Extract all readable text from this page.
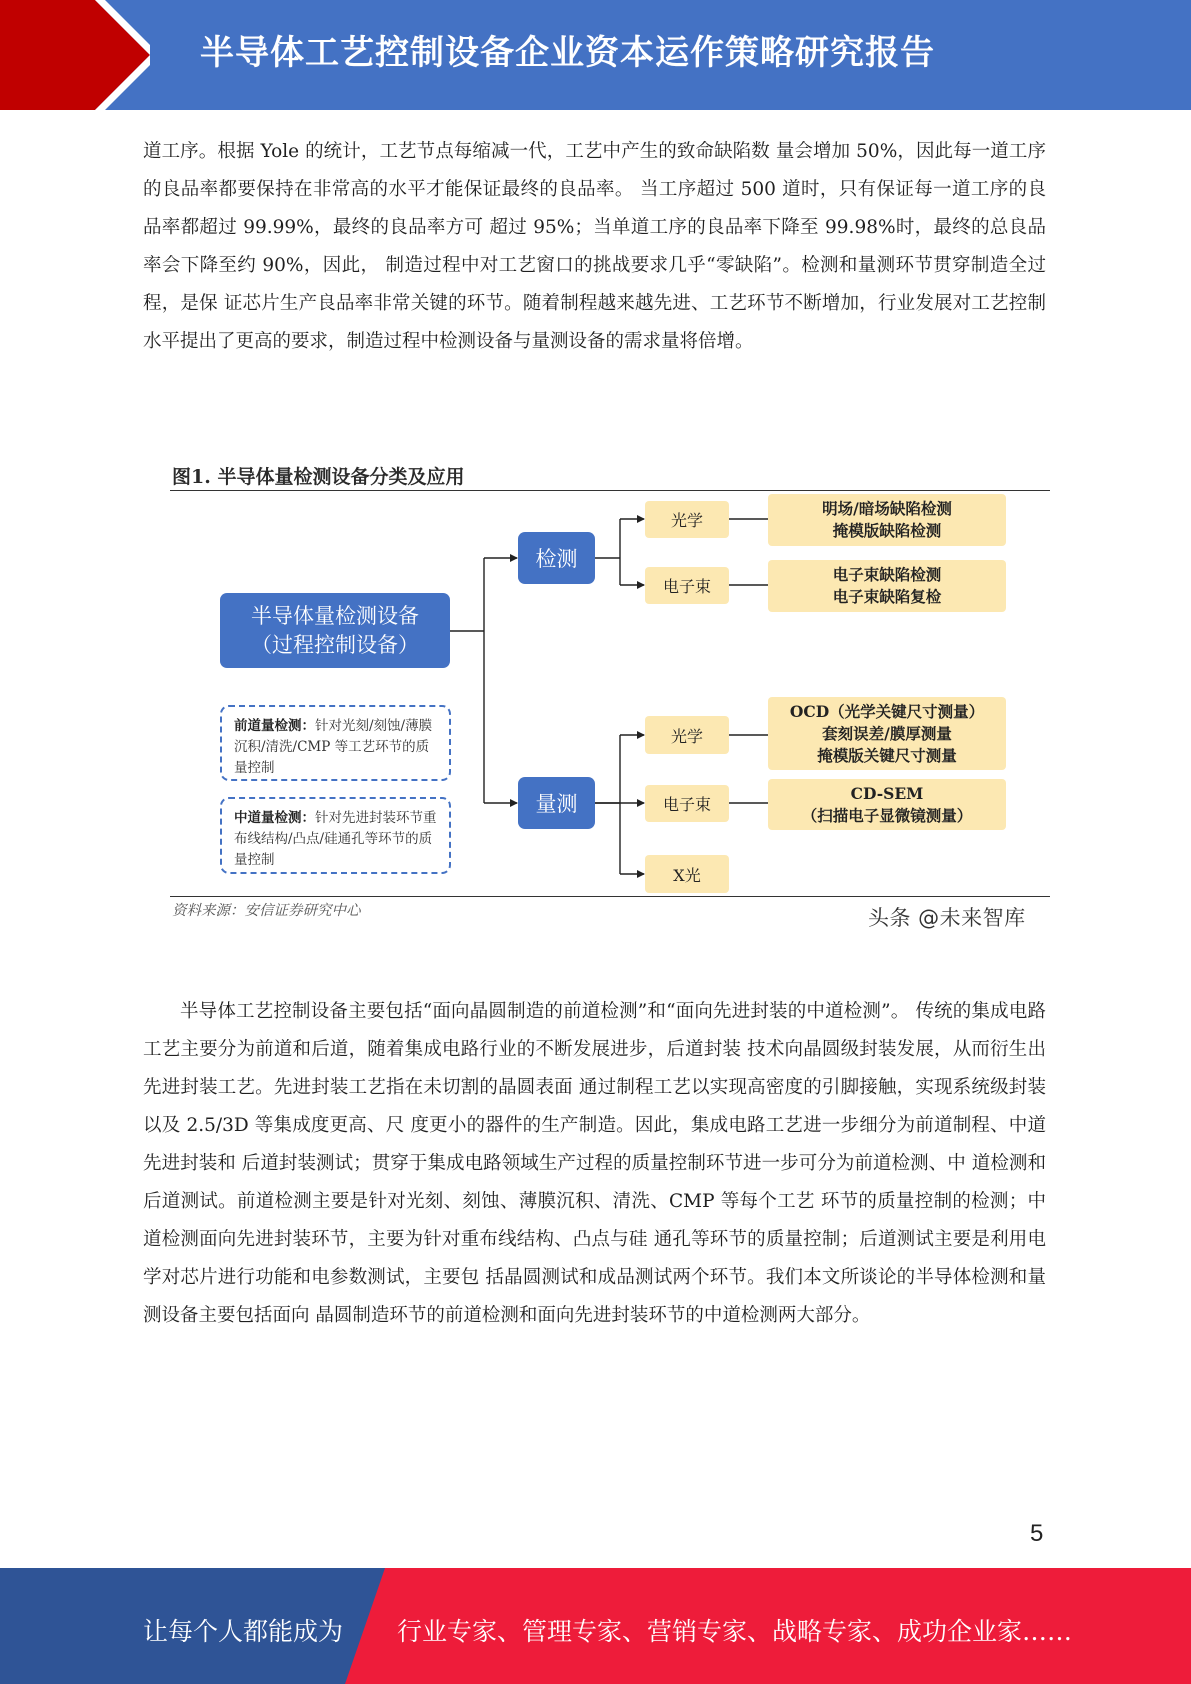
半导体工艺控制设备企业资本运作策略研究报告

道工序。根据 Yole 的统计，工艺节点每缩减一代，工艺中产生的致命缺陷数 量会增加 50%，因此每一道工序的良品率都要保持在非常高的水平才能保证最终的良品率。 当工序超过 500 道时，只有保证每一道工序的良品率都超过 99.99%，最终的良品率方可 超过 95%；当单道工序的良品率下降至 99.98%时，最终的总良品率会下降至约 90%，因此， 制造过程中对工艺窗口的挑战要求几乎“零缺陷”。检测和量测环节贯穿制造全过程，是保 证芯片生产良品率非常关键的环节。随着制程越来越先进、工艺环节不断增加，行业发展对工艺控制水平提出了更高的要求，制造过程中检测设备与量测设备的需求量将倍增。

图1. 半导体量检测设备分类及应用
半导体量检测设备
（过程控制设备）
检测
量测
光学
电子束
光学
电子束
X光
明场/暗场缺陷检测
掩模版缺陷检测
电子束缺陷检测
电子束缺陷复检
OCD（光学关键尺寸测量）
套刻误差/膜厚测量
掩模版关键尺寸测量
CD-SEM
（扫描电子显微镜测量）
前道量检测：针对光刻/刻蚀/薄膜沉积/清洗/CMP 等工艺环节的质量控制
中道量检测：针对先进封装环节重布线结构/凸点/硅通孔等环节的质量控制
资料来源：安信证券研究中心	头条 @未来智库

半导体工艺控制设备主要包括“面向晶圆制造的前道检测”和“面向先进封装的中道检测”。 传统的集成电路工艺主要分为前道和后道，随着集成电路行业的不断发展进步，后道封装 技术向晶圆级封装发展，从而衍生出先进封装工艺。先进封装工艺指在未切割的晶圆表面 通过制程工艺以实现高密度的引脚接触，实现系统级封装以及 2.5/3D 等集成度更高、尺 度更小的器件的生产制造。因此，集成电路工艺进一步细分为前道制程、中道先进封装和 后道封装测试；贯穿于集成电路领域生产过程的质量控制环节进一步可分为前道检测、中 道检测和后道测试。前道检测主要是针对光刻、刻蚀、薄膜沉积、清洗、CMP 等每个工艺 环节的质量控制的检测；中道检测面向先进封装环节，主要为针对重布线结构、凸点与硅 通孔等环节的质量控制；后道测试主要是利用电学对芯片进行功能和电参数测试，主要包 括晶圆测试和成品测试两个环节。我们本文所谈论的半导体检测和量测设备主要包括面向 晶圆制造环节的前道检测和面向先进封装环节的中道检测两大部分。

5
让每个人都能成为 行业专家、管理专家、营销专家、战略专家、成功企业家……
